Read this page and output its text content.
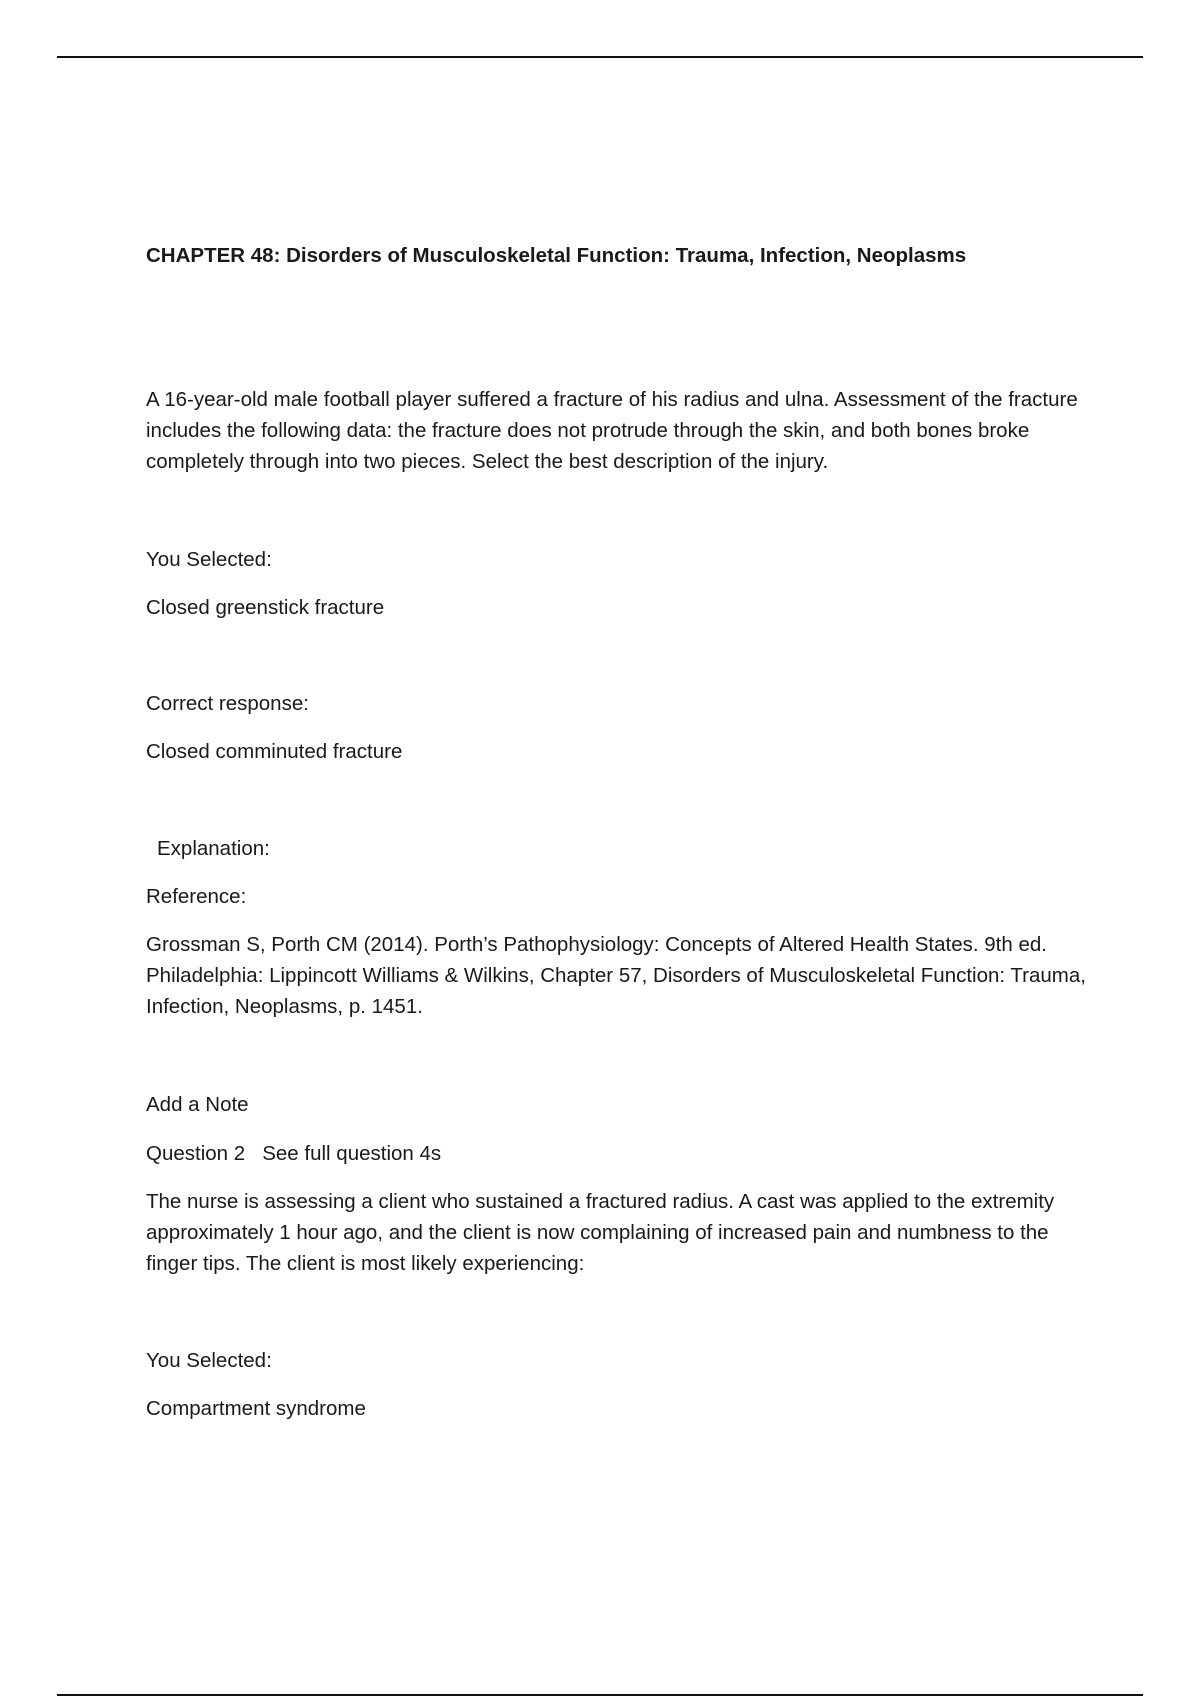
CHAPTER 48: Disorders of Musculoskeletal Function: Trauma, Infection, Neoplasms

A 16-year-old male football player suffered a fracture of his radius and ulna. Assessment of the fracture includes the following data: the fracture does not protrude through the skin, and both bones broke completely through into two pieces. Select the best description of the injury.

You Selected:

Closed greenstick fracture

Correct response:

Closed comminuted fracture

Explanation:

Reference:

Grossman S, Porth CM (2014). Porth’s Pathophysiology: Concepts of Altered Health States. 9th ed. Philadelphia: Lippincott Williams & Wilkins, Chapter 57, Disorders of Musculoskeletal Function: Trauma, Infection, Neoplasms, p. 1451.

Add a Note

Question 2   See full question 4s

The nurse is assessing a client who sustained a fractured radius. A cast was applied to the extremity approximately 1 hour ago, and the client is now complaining of increased pain and numbness to the finger tips. The client is most likely experiencing:

You Selected:

Compartment syndrome
